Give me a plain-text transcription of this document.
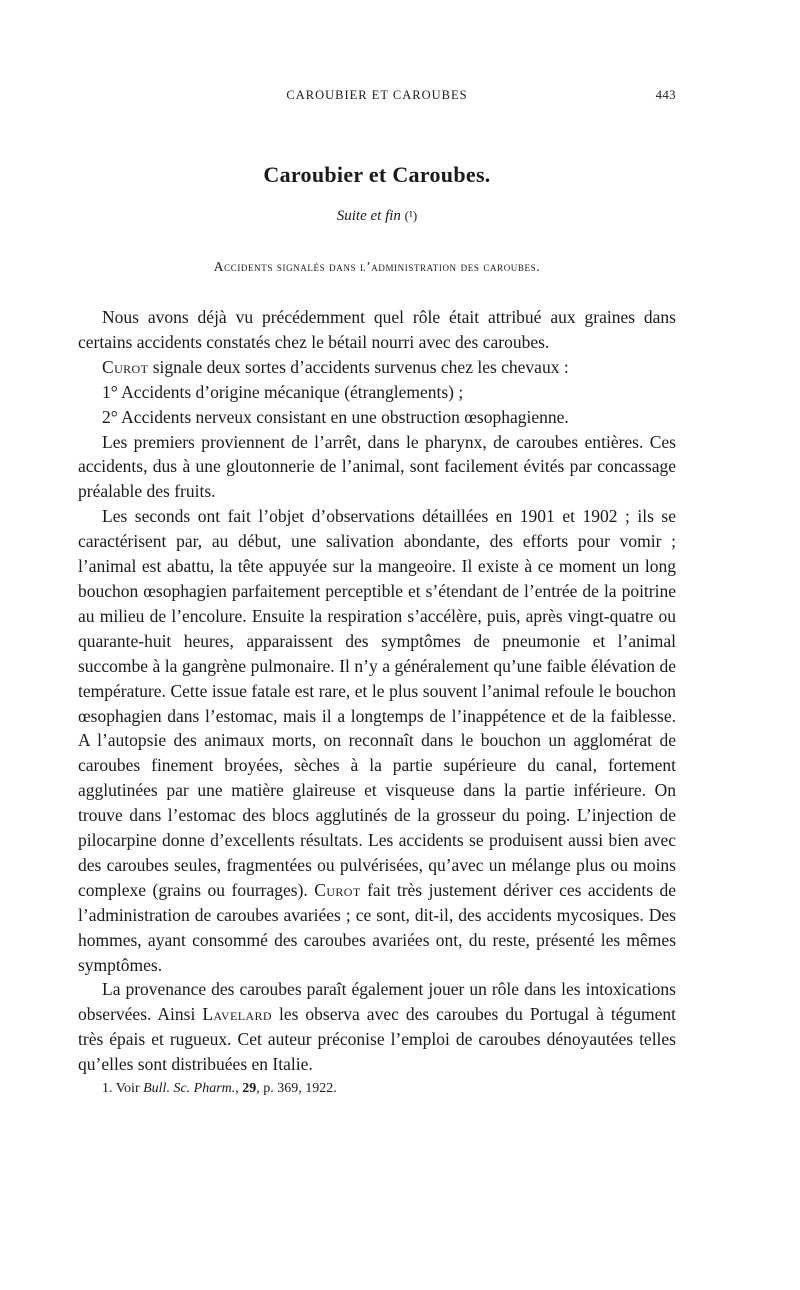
CAROUBIER ET CAROUBES	443
Caroubier et Caroubes.
Suite et fin (¹)
Accidents signalés dans l’administration des caroubes.

Nous avons déjà vu précédemment quel rôle était attribué aux graines dans certains accidents constatés chez le bétail nourri avec des caroubes.

Curot signale deux sortes d’accidents survenus chez les chevaux :

1° Accidents d’origine mécanique (étranglements) ;

2° Accidents nerveux consistant en une obstruction œsophagienne.

Les premiers proviennent de l’arrêt, dans le pharynx, de caroubes entières. Ces accidents, dus à une gloutonnerie de l’animal, sont facilement évités par concassage préalable des fruits.

Les seconds ont fait l’objet d’observations détaillées en 1901 et 1902 ; ils se caractérisent par, au début, une salivation abondante, des efforts pour vomir ; l’animal est abattu, la tête appuyée sur la mangeoire. Il existe à ce moment un long bouchon œsophagien parfaitement perceptible et s’étendant de l’entrée de la poitrine au milieu de l’encolure. Ensuite la respiration s’accélère, puis, après vingt-quatre ou quarante-huit heures, apparaissent des symptômes de pneumonie et l’animal succombe à la gangrène pulmonaire. Il n’y a généralement qu’une faible élévation de température. Cette issue fatale est rare, et le plus souvent l’animal refoule le bouchon œsophagien dans l’estomac, mais il a longtemps de l’inappétence et de la faiblesse. A l’autopsie des animaux morts, on reconnaît dans le bouchon un agglomérat de caroubes finement broyées, sèches à la partie supérieure du canal, fortement agglutinées par une matière glaireuse et visqueuse dans la partie inférieure. On trouve dans l’estomac des blocs agglutinés de la grosseur du poing. L’injection de pilocarpine donne d’excellents résultats. Les accidents se produisent aussi bien avec des caroubes seules, fragmentées ou pulvérisées, qu’avec un mélange plus ou moins complexe (grains ou fourrages). Curot fait très justement dériver ces accidents de l’administration de caroubes avariées ; ce sont, dit-il, des accidents mycosiques. Des hommes, ayant consommé des caroubes avariées ont, du reste, présenté les mêmes symptômes.

La provenance des caroubes paraît également jouer un rôle dans les intoxications observées. Ainsi Lavelard les observa avec des caroubes du Portugal à tégument très épais et rugueux. Cet auteur préconise l’emploi de caroubes dénoyautées telles qu’elles sont distribuées en Italie.

1. Voir Bull. Sc. Pharm., 29, p. 369, 1922.
